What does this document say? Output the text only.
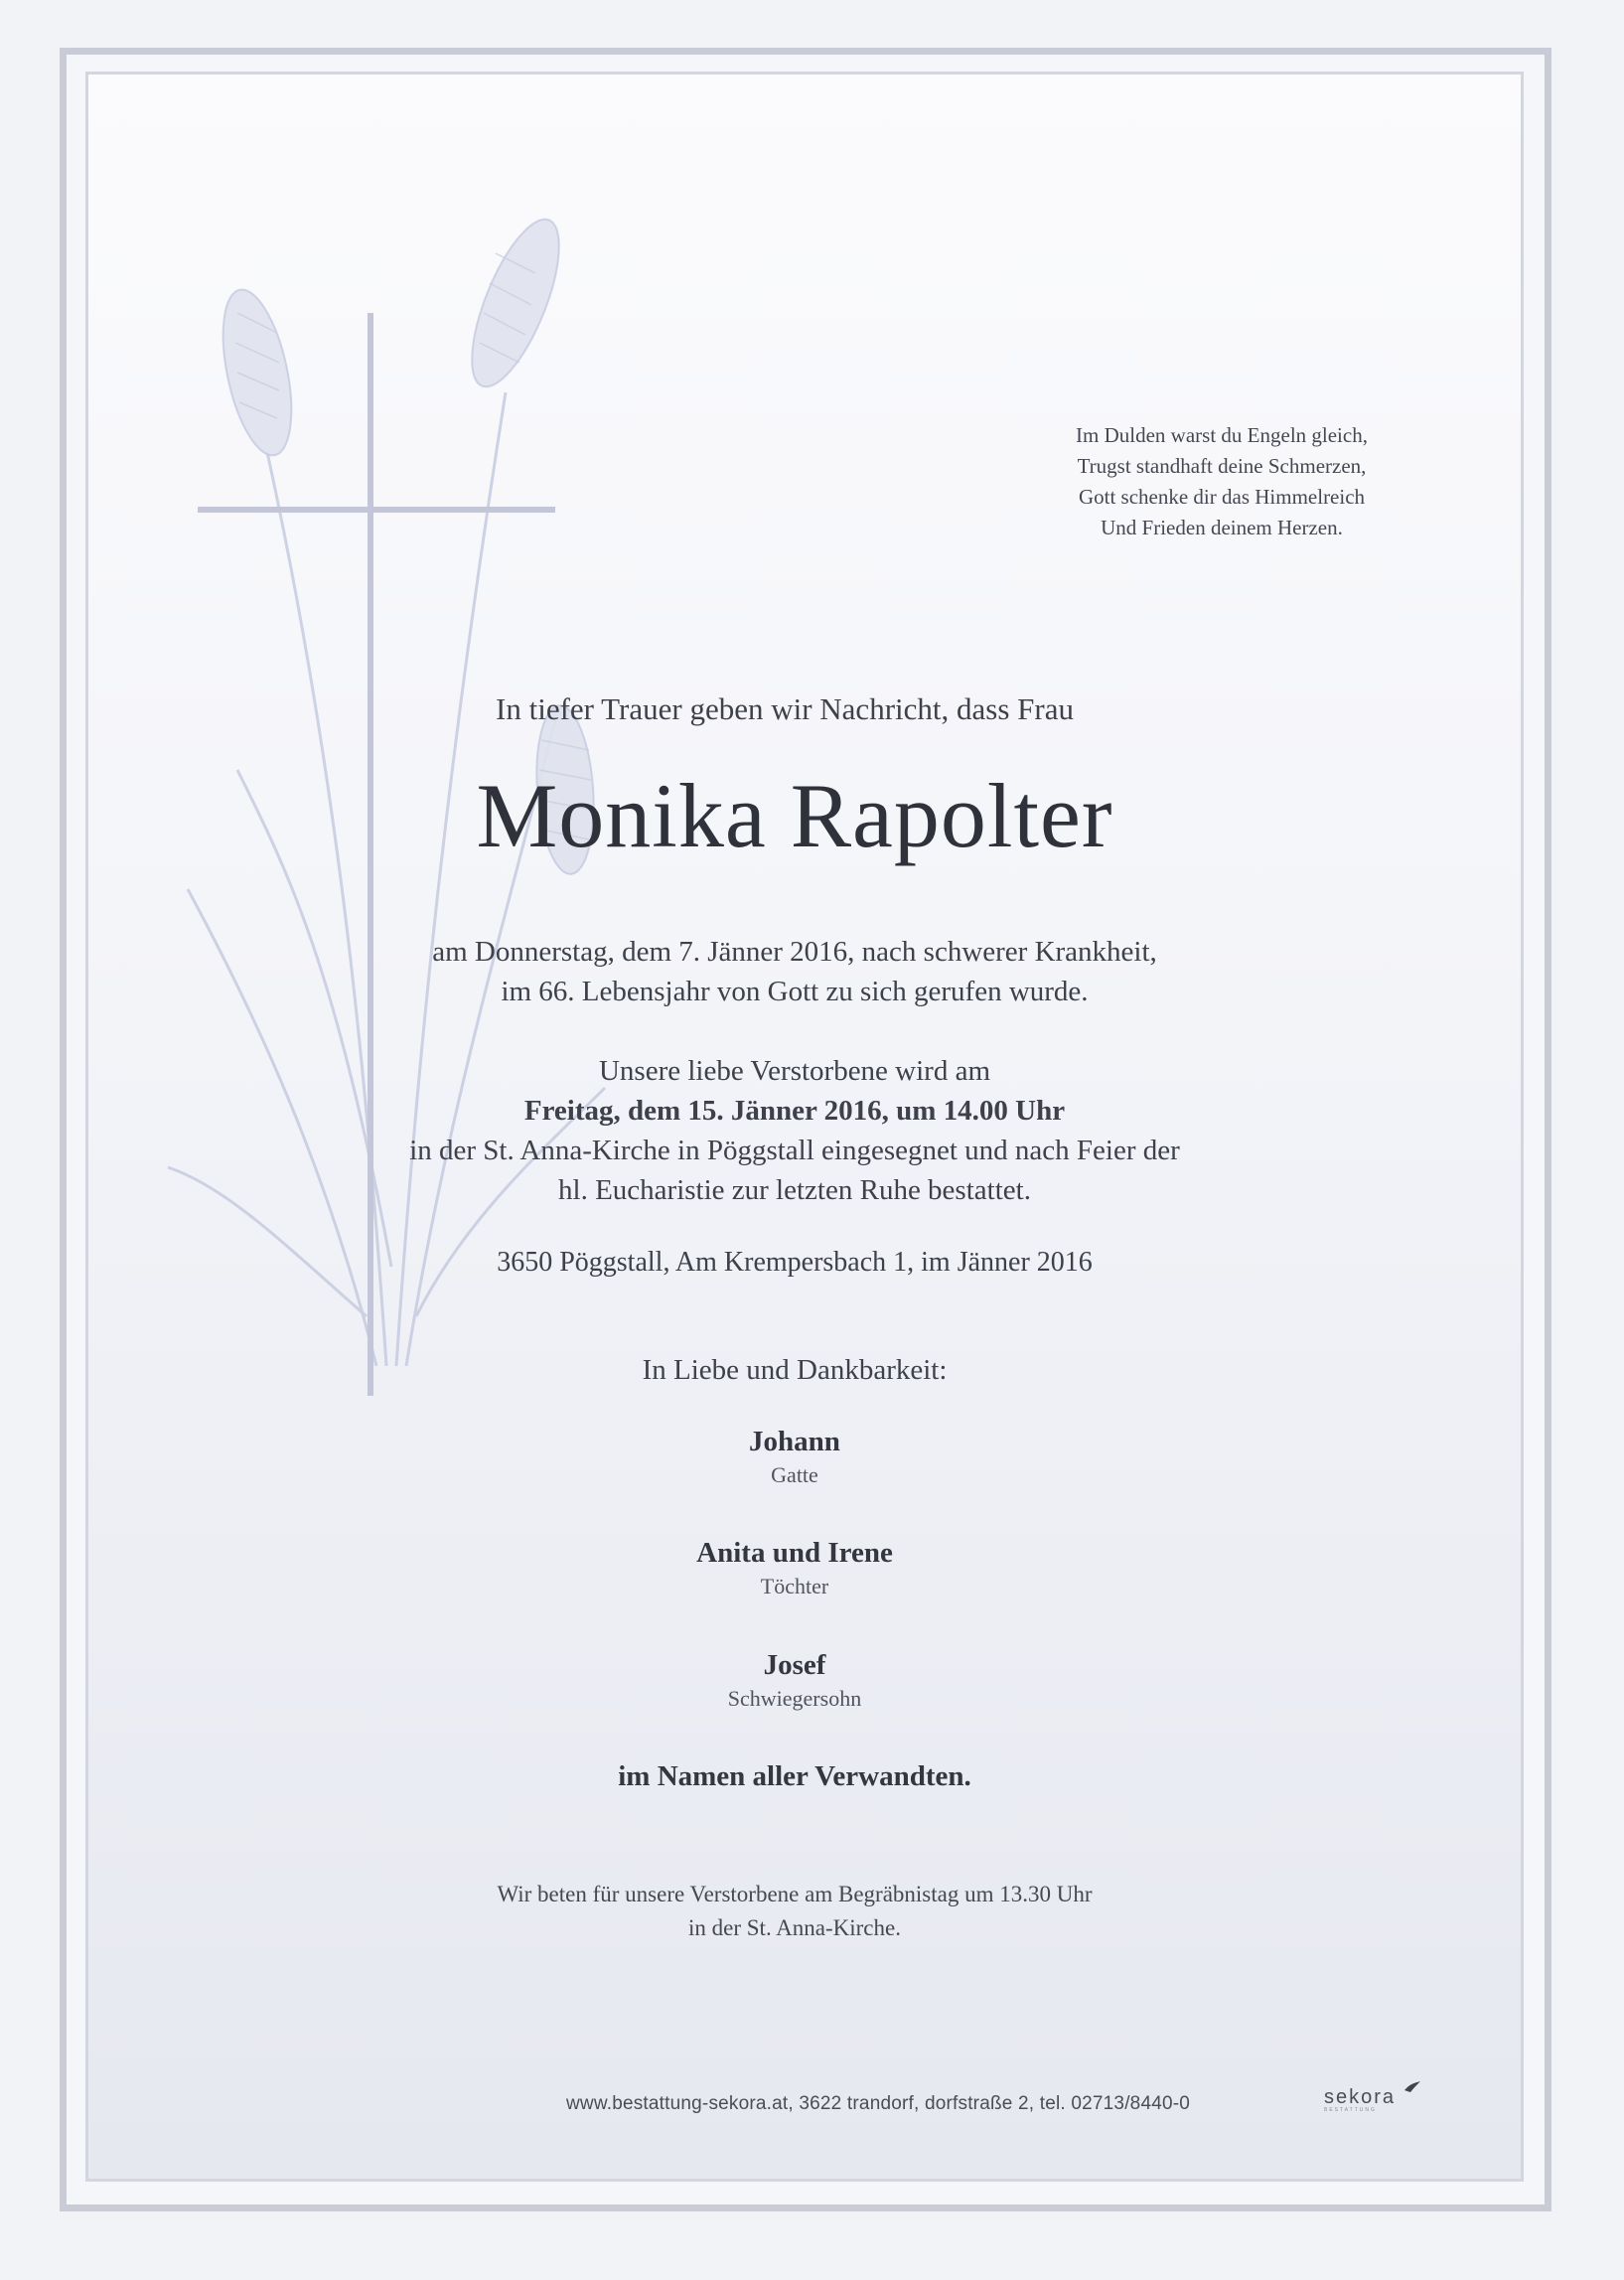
Im Dulden warst du Engeln gleich,
Trugst standhaft deine Schmerzen,
Gott schenke dir das Himmelreich
Und Frieden deinem Herzen.
In tiefer Trauer geben wir Nachricht, dass Frau
Monika Rapolter
am Donnerstag, dem 7. Jänner 2016, nach schwerer Krankheit,
im 66. Lebensjahr von Gott zu sich gerufen wurde.
Unsere liebe Verstorbene wird am
Freitag, dem 15. Jänner 2016, um 14.00 Uhr
in der St. Anna-Kirche in Pöggstall eingesegnet und nach Feier der
hl. Eucharistie zur letzten Ruhe bestattet.
3650 Pöggstall, Am Krempersbach 1, im Jänner 2016
In Liebe und Dankbarkeit:
Johann
Gatte
Anita und Irene
Töchter
Josef
Schwiegersohn
im Namen aller Verwandten.
Wir beten für unsere Verstorbene am Begräbnistag um 13.30 Uhr
in der St. Anna-Kirche.
www.bestattung-sekora.at, 3622 trandorf, dorfstraße 2, tel. 02713/8440-0	sekora
BESTATTUNG
